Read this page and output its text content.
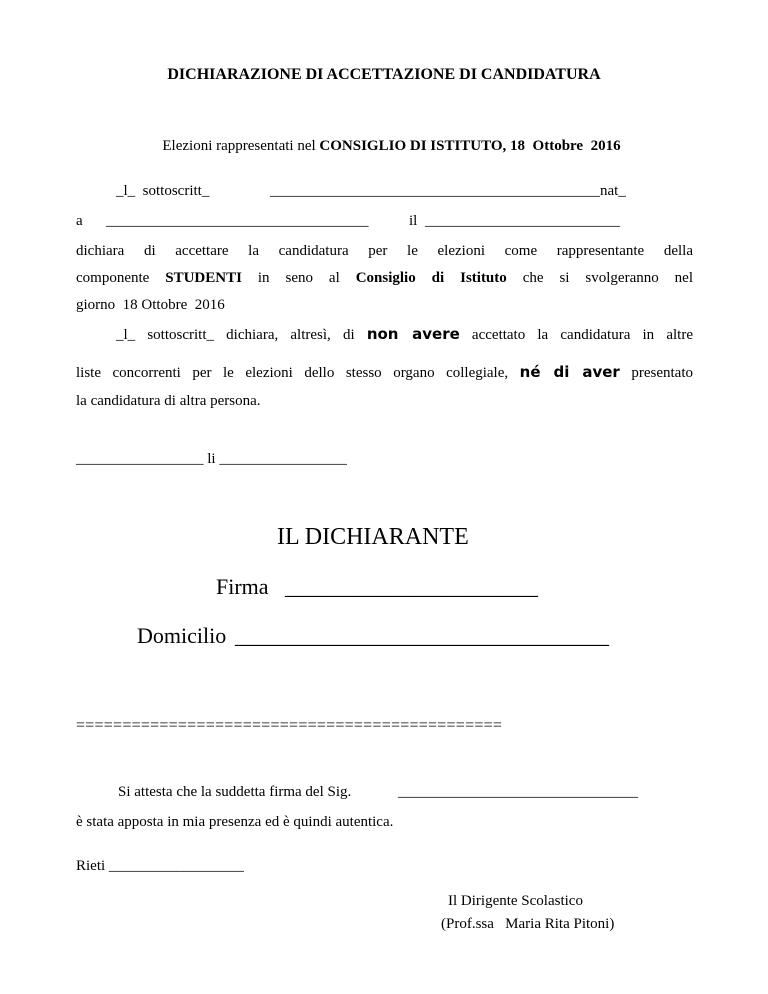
DICHIARAZIONE DI ACCETTAZIONE DI CANDIDATURA

Elezioni rappresentati nel CONSIGLIO DI ISTITUTO, 18  Ottobre  2016

_l_  sottoscritt_	____________________________________________nat_
a ___________________________________	il __________________________
dichiara di accettare la candidatura per le elezioni come rappresentante della
componente STUDENTI in seno al Consiglio di Istituto che si svolgeranno nel
giorno  18 Ottobre  2016
_l_ sottoscritt_ dichiara, altresì, di non avere accettato la candidatura in altre
liste concorrenti per le elezioni dello stesso organo collegiale, né di aver presentato
la candidatura di altra persona.
_________________ li _________________
IL DICHIARANTE
Firma _______________________
Domicilio __________________________________
==============================================
Si attesta che la suddetta firma del Sig.	________________________________
è stata apposta in mia presenza ed è quindi autentica.
Rieti __________________
Il Dirigente Scolastico
(Prof.ssa   Maria Rita Pitoni)
